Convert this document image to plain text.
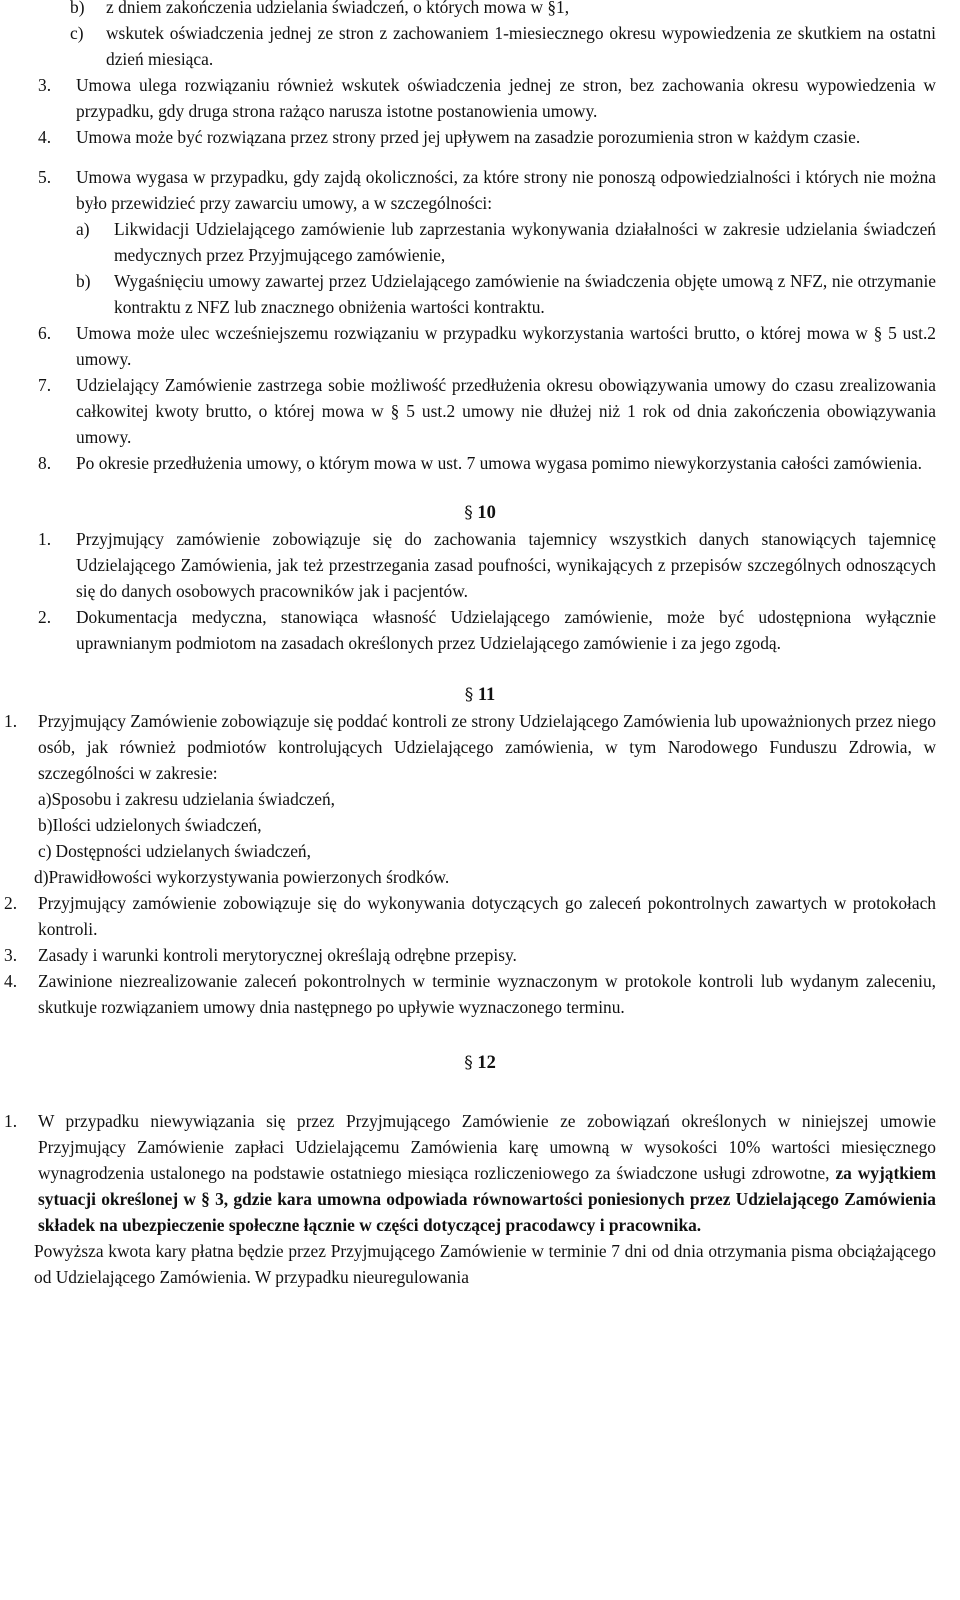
b)	z dniem zakończenia udzielania świadczeń, o których mowa w §1,
c)	wskutek oświadczenia jednej ze stron z zachowaniem 1-miesiecznego okresu wypowiedzenia ze skutkiem na ostatni dzień miesiąca.
3.	Umowa ulega rozwiązaniu również wskutek oświadczenia jednej ze stron, bez zachowania okresu wypowiedzenia w przypadku, gdy druga strona rażąco narusza istotne postanowienia umowy.
4.	Umowa może być rozwiązana przez strony przed jej upływem na zasadzie porozumienia stron w każdym czasie.
5.	Umowa wygasa w przypadku, gdy zajdą okoliczności, za które strony nie ponoszą odpowiedzialności i których nie można było przewidzieć przy zawarciu umowy, a w szczególności:
a)	Likwidacji Udzielającego zamówienie lub zaprzestania wykonywania działalności w zakresie udzielania świadczeń medycznych przez Przyjmującego zamówienie,
b)	Wygaśnięciu umowy zawartej przez Udzielającego zamówienie na świadczenia objęte umową z NFZ, nie otrzymanie kontraktu z NFZ lub znacznego obniżenia wartości kontraktu.
6.	Umowa może ulec wcześniejszemu rozwiązaniu w przypadku wykorzystania wartości brutto, o której mowa w § 5 ust.2 umowy.
7.	Udzielający Zamówienie zastrzega sobie możliwość przedłużenia okresu obowiązywania umowy do czasu zrealizowania całkowitej kwoty brutto, o której mowa w § 5 ust.2 umowy nie dłużej niż 1 rok od dnia zakończenia obowiązywania umowy.
8.	Po okresie przedłużenia umowy, o którym mowa w ust. 7 umowa wygasa pomimo niewykorzystania całości zamówienia.
§ 10
1.	Przyjmujący zamówienie zobowiązuje się do zachowania tajemnicy wszystkich danych stanowiących tajemnicę Udzielającego Zamówienia, jak też przestrzegania zasad poufności, wynikających z przepisów szczególnych odnoszących się do danych osobowych pracowników jak i pacjentów.
2.	Dokumentacja medyczna, stanowiąca własność Udzielającego zamówienie, może być udostępniona wyłącznie uprawnianym podmiotom na zasadach określonych przez Udzielającego zamówienie i za jego zgodą.
§ 11
1.	Przyjmujący Zamówienie zobowiązuje się poddać kontroli ze strony Udzielającego Zamówienia lub upoważnionych przez niego osób, jak również podmiotów kontrolujących Udzielającego zamówienia, w tym Narodowego Funduszu Zdrowia, w szczególności w zakresie:
a) Sposobu i zakresu udzielania świadczeń,
b) Ilości udzielonych świadczeń,
c) Dostępności udzielanych świadczeń,
d) Prawidłowości wykorzystywania powierzonych środków.
2.	Przyjmujący zamówienie zobowiązuje się do wykonywania dotyczących go zaleceń pokontrolnych zawartych w protokołach kontroli.
3.	Zasady i warunki kontroli merytorycznej określają odrębne przepisy.
4.	Zawinione niezrealizowanie zaleceń pokontrolnych w terminie wyznaczonym w protokole kontroli lub wydanym zaleceniu, skutkuje rozwiązaniem umowy dnia następnego po upływie wyznaczonego terminu.
§ 12
1.	W przypadku niewywiązania się przez Przyjmującego Zamówienie ze zobowiązań określonych w niniejszej umowie Przyjmujący Zamówienie zapłaci Udzielającemu Zamówienia karę umowną w wysokości 10% wartości miesięcznego wynagrodzenia ustalonego na podstawie ostatniego miesiąca rozliczeniowego za świadczone usługi zdrowotne, za wyjątkiem sytuacji określonej w § 3, gdzie kara umowna odpowiada równowartości poniesionych przez Udzielającego Zamówienia składek na ubezpieczenie społeczne łącznie w części dotyczącej pracodawcy i pracownika.
Powyższa kwota kary płatna będzie przez Przyjmującego Zamówienie w terminie 7 dni od dnia otrzymania pisma obciążającego od Udzielającego Zamówienia. W przypadku nieuregulowania
